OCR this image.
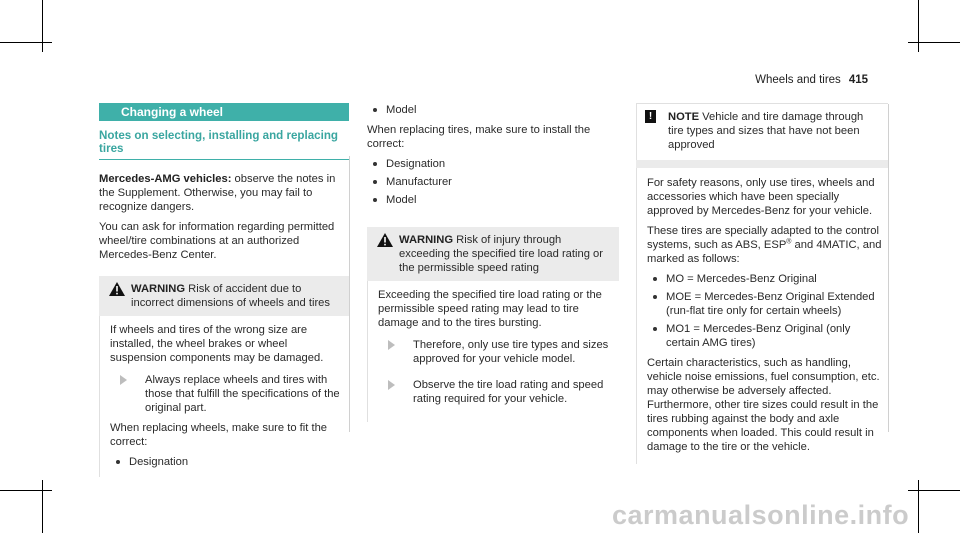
Wheels and tires 415
Changing a wheel
Notes on selecting, installing and replacing tires

Mercedes-AMG vehicles: observe the notes in the Supplement. Otherwise, you may fail to recognize dangers.

You can ask for information regarding permitted wheel/tire combinations at an authorized Mercedes-Benz Center.

WARNING Risk of accident due to incorrect dimensions of wheels and tires

If wheels and tires of the wrong size are installed, the wheel brakes or wheel suspension components may be damaged.

Always replace wheels and tires with those that fulfill the specifications of the original part.

When replacing wheels, make sure to fit the correct:

Designation
Model

When replacing tires, make sure to install the correct:

Designation
Manufacturer
Model
WARNING Risk of injury through exceeding the specified tire load rating or the permissible speed rating

Exceeding the specified tire load rating or the permissible speed rating may lead to tire damage and to the tires bursting.

Therefore, only use tire types and sizes approved for your vehicle model.
Observe the tire load rating and speed rating required for your vehicle.
!	NOTE Vehicle and tire damage through tire types and sizes that have not been approved

For safety reasons, only use tires, wheels and accessories which have been specially approved by Mercedes-Benz for your vehicle.

These tires are specially adapted to the control systems, such as ABS, ESP® and 4MATIC, and marked as follows:

MO = Mercedes-Benz Original
MOE = Mercedes-Benz Original Extended (run-flat tire only for certain wheels)
MO1 = Mercedes-Benz Original (only certain AMG tires)

Certain characteristics, such as handling, vehicle noise emissions, fuel consumption, etc. may otherwise be adversely affected. Furthermore, other tire sizes could result in the tires rubbing against the body and axle components when loaded. This could result in damage to the tire or the vehicle.

carmanualsonline.info
